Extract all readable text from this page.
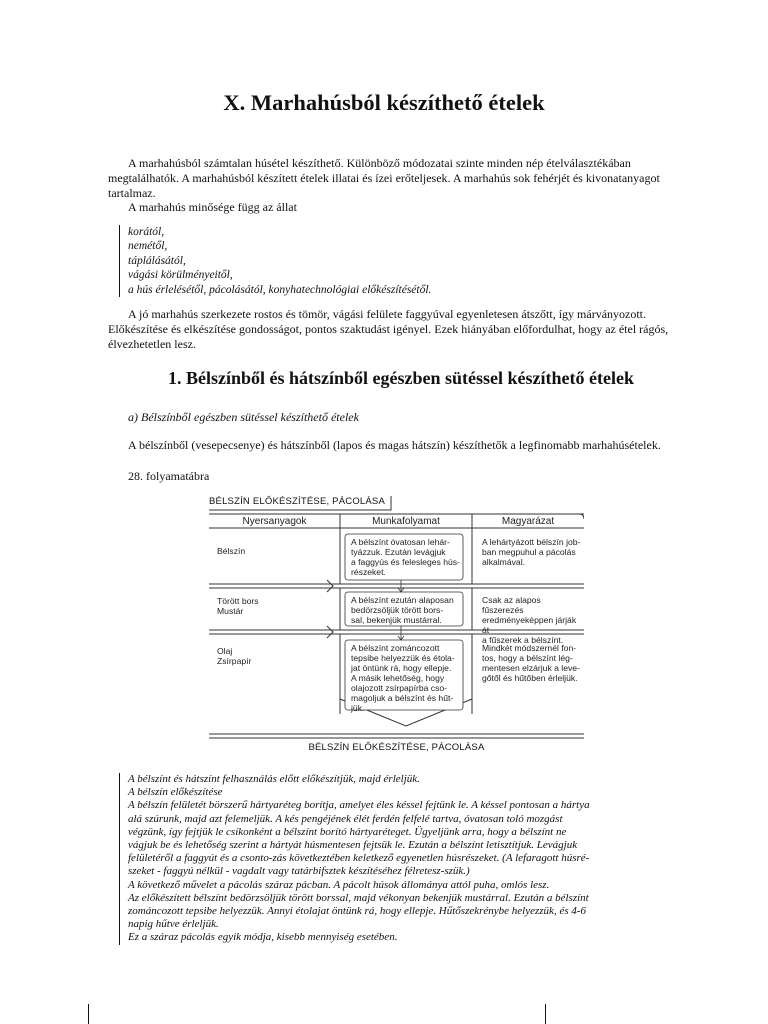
X. Marhahúsból készíthető ételek

A marhahúsból számtalan húsétel készíthető. Különböző módozatai szinte minden nép ételválasztékában megtalálhatók. A marhahúsból készített ételek illatai és ízei erőteljesek. A marhahús sok fehérjét és kivonatanyagot tartalmaz.

A marhahús minősége függ az állat

korától,
nemétől,
táplálásától,
vágási körülményeitől,
a hús érlelésétől, pácolásától, konyhatechnológiai előkészítésétől.

A jó marhahús szerkezete rostos és tömör, vágási felülete faggyúval egyenletesen átszőtt, így márványozott. Előkészítése és elkészítése gondosságot, pontos szaktudást igényel. Ezek hiányában előfordulhat, hogy az étel rágós, élvezhetetlen lesz.

1. Bélszínből és hátszínből egészben sütéssel készíthető ételek

a) Bélszínből egészben sütéssel készíthető ételek

A bélszínből (vesepecsenye) és hátszínből (lapos és magas hátszín) készíthetők a legfinomabb marhahúsételek.

28. folyamatábra

BÉLSZÍN ELŐKÉSZÍTÉSE, PÁCOLÁSA
Nyersanyagok	Munkafolyamat	Magyarázat
Bélszín
A bélszínt óvatosan lehár-
tyázzuk. Ezután levágjuk
a faggyús és felesleges hús-
részeket.
A lehártyázott bélszín job-
ban megpuhul a pácolás
alkalmával.
Törött bors
Mustár
A bélszínt ezután alaposan
bedörzsöljük törött bors-
sal, bekenjük mustárral.
Csak az alapos fűszerezés
eredményeképpen járják át
a fűszerek a bélszínt.
Olaj
Zsírpapír
A bélszínt zománcozott
tepsibe helyezzük és étola-
jat öntünk rá, hogy ellepje.
A másik lehetőség, hogy
olajozott zsírpapírba cso-
magoljuk a bélszínt és hűt-
jük.
Mindkét módszernél fon-
tos, hogy a bélszínt lég-
mentesen elzárjuk a leve-
gőtől és hűtőben érleljük.
BÉLSZÍN ELŐKÉSZÍTÉSE, PÁCOLÁSA
A bélszínt és hátszínt felhasználás előtt előkészítjük, majd érleljük.
A bélszín előkészítése
A bélszín felületét börszerű hártyaréteg borítja, amelyet éles késsel fejtünk le. A késsel pontosan a hártya
alá szúrunk, majd azt felemeljük. A kés pengéjének élét ferdén felfelé tartva, óvatosan toló mozgást
végzünk, így fejtjük le csíkonként a bélszínt borító hártyaréteget. Ügyeljünk arra, hogy a bélszínt ne
vágjuk be és lehetőség szerint a hártyát húsmentesen fejtsük le. Ezután a bélszínt letisztítjuk. Levágjuk
felületéről a faggyút és a csonto-zás következtében keletkező egyenetlen húsrészeket. (A lefaragott húsré-
szeket - faggyú nélkül - vagdalt vagy tatárbifsztek készítéséhez félretesz-szük.)
A következő művelet a pácolás száraz pácban. A pácolt húsok állománya attól puha, omlós lesz.
Az előkészített bélszínt bedörzsöljük törött borssal, majd vékonyan bekenjük mustárral. Ezután a bélszínt
zománcozott tepsibe helyezzük. Annyi étolajat öntünk rá, hogy ellepje. Hűtőszekrénybe helyezzük, és 4-6
napig hűtve érleljük.
Ez a száraz pácolás egyik módja, kisebb mennyiség esetében.
